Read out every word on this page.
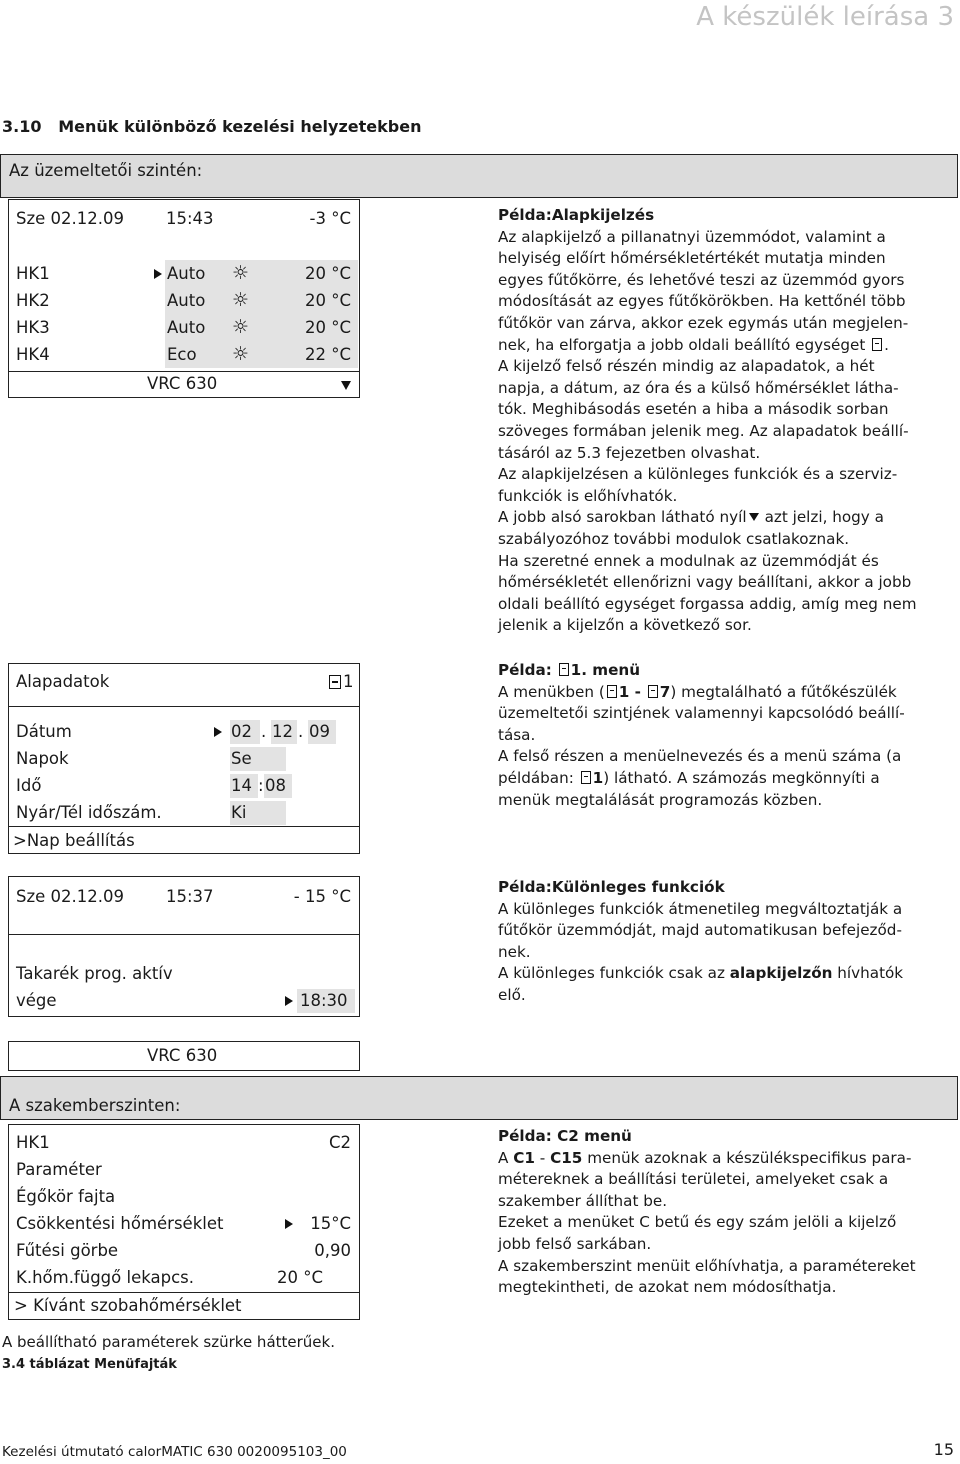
A készülék leírása 3
3.10   Menük különböző kezelési helyzetekben
Az üzemeltetői szintén:
A szakemberszinten:
Sze 02.12.09	15:43	-3 °C
HK1	Auto ☼	20 °C
HK2	Auto ☼	20 °C
HK3	Auto ☼	20 °C
HK4	Eco ☼	22 °C
VRC 630
Alapadatok	1
Dátum	02 . 12 . 09
Napok	Se
Idő	14 : 08
Nyár/Tél időszám.	Ki
>Nap beállítás
Sze 02.12.09	15:37	- 15 °C
Takarék prog. aktív
vége	18:30
VRC 630
HK1	C2
Paraméter
Égőkör fajta
Csökkentési hőmérséklet	15°C
Fűtési görbe	0,90
K.hőm.függő lekapcs.	20 °C
> Kívánt szobahőmérséklet
Példa:Alapkijelzés
Az alapkijelző a pillanatnyi üzemmódot, valamint a
helyiség előírt hőmérsékletértékét mutatja minden
egyes fűtőkörre, és lehetővé teszi az üzemmód gyors
módosítását az egyes fűtőkörökben. Ha kettőnél több
fűtőkör van zárva, akkor ezek egymás után megjelen-
nek, ha elforgatja a jobb oldali beállító egységet .
A kijelző felső részén mindig az alapadatok, a hét
napja, a dátum, az óra és a külső hőmérséklet látha-
tók. Meghibásodás esetén a hiba a második sorban
szöveges formában jelenik meg. Az alapadatok beállí-
tásáról az 5.3 fejezetben olvashat.
Az alapkijelzésen a különleges funkciók és a szerviz-
funkciók is előhívhatók.
A jobb alsó sarokban látható nyíl azt jelzi, hogy a
szabályozóhoz további modulok csatlakoznak.
Ha szeretné ennek a modulnak az üzemmódját és
hőmérsékletét ellenőrizni vagy beállítani, akkor a jobb
oldali beállító egységet forgassa addig, amíg meg nem
jelenik a kijelzőn a következő sor.
Példa: 1. menü
A menükben ( 1 - 7) megtalálható a fűtőkészülék
üzemeltetői szintjének valamennyi kapcsolódó beállí-
tása.
A felső részen a menüelnevezés és a menü száma (a
példában: 1) látható. A számozás megkönnyíti a
menük megtalálását programozás közben.
Példa:Különleges funkciók
A különleges funkciók átmenetileg megváltoztatják a
fűtőkör üzemmódját, majd automatikusan befejeződ-
nek.
A különleges funkciók csak az alapkijelzőn hívhatók
elő.
Példa: C2 menü
A C1 - C15 menük azoknak a készülékspecifikus para-
métereknek a beállítási területei, amelyeket csak a
szakember állíthat be.
Ezeket a menüket C betű és egy szám jelöli a kijelző
jobb felső sarkában.
A szakemberszint menüit előhívhatja, a paramétereket
megtekintheti, de azokat nem módosíthatja.
A beállítható paraméterek szürke hátterűek.
3.4 táblázat Menüfajták
Kezelési útmutató calorMATIC 630 0020095103_00	15
